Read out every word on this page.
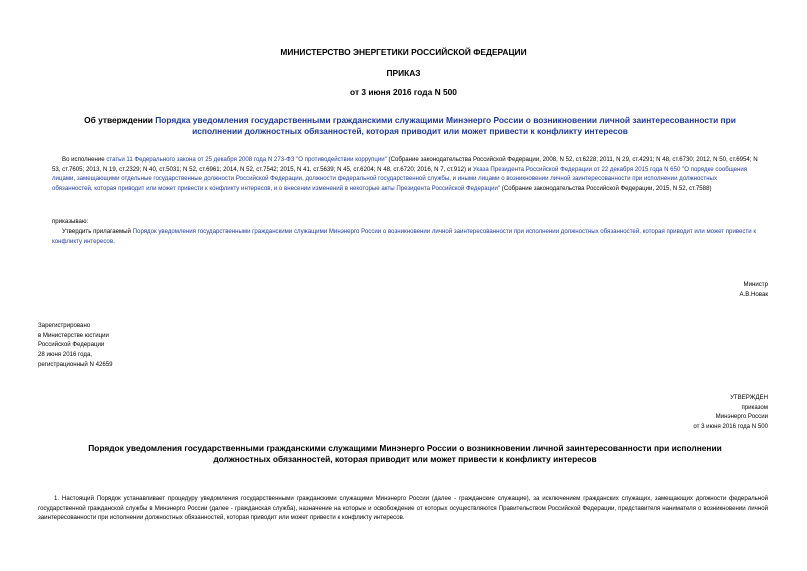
МИНИСТЕРСТВО ЭНЕРГЕТИКИ РОССИЙСКОЙ ФЕДЕРАЦИИ
ПРИКАЗ
от 3 июня 2016 года N 500
Об утверждении Порядка уведомления государственными гражданскими служащими Минэнерго России о возникновении личной заинтересованности при исполнении должностных обязанностей, которая приводит или может привести к конфликту интересов
Во исполнение статьи 11 Федерального закона от 25 декабря 2008 года N 273-ФЗ "О противодействии коррупции" (Собрание законодательства Российской Федерации, 2008, N 52, ст.6228; 2011, N 29, ст.4291; N 48, ст.6730; 2012, N 50, ст.6954; N 53, ст.7605; 2013, N 19, ст.2329; N 40, ст.5031; N 52, ст.6961; 2014, N 52, ст.7542; 2015, N 41, ст.5639; N 45, ст.6204; N 48, ст.6720; 2016, N 7, ст.912) и Указа Президента Российской Федерации от 22 декабря 2015 года N 650 "О порядке сообщения лицами, замещающими отдельные государственные должности Российской Федерации, должности федеральной государственной службы, и иными лицами о возникновении личной заинтересованности при исполнении должностных обязанностей, которая приводит или может привести к конфликту интересов, и о внесении изменений в некоторые акты Президента Российской Федерации" (Собрание законодательства Российской Федерации, 2015, N 52, ст.7588)
приказываю:
Утвердить прилагаемый Порядок уведомления государственными гражданскими служащими Минэнерго России о возникновении личной заинтересованности при исполнении должностных обязанностей, которая приводит или может привести к конфликту интересов.
Министр
А.В.Новак
Зарегистрировано
в Министерстве юстиции
Российской Федерации
28 июня 2016 года,
регистрационный N 42659
УТВЕРЖДЕН
приказом
Минэнерго России
от 3 июня 2016 года N 500
Порядок уведомления государственными гражданскими служащими Минэнерго России о возникновении личной заинтересованности при исполнении должностных обязанностей, которая приводит или может привести к конфликту интересов
1. Настоящий Порядок устанавливает процедуру уведомления государственными гражданскими служащими Минэнерго России (далее - гражданские служащие), за исключением гражданских служащих, замещающих должности федеральной государственной гражданской службы в Минэнерго России (далее - гражданская служба), назначение на которые и освобождение от которых осуществляются Правительством Российской Федерации, представителя нанимателя о возникновении личной заинтересованности при исполнении должностных обязанностей, которая приводит или может привести к конфликту интересов.
